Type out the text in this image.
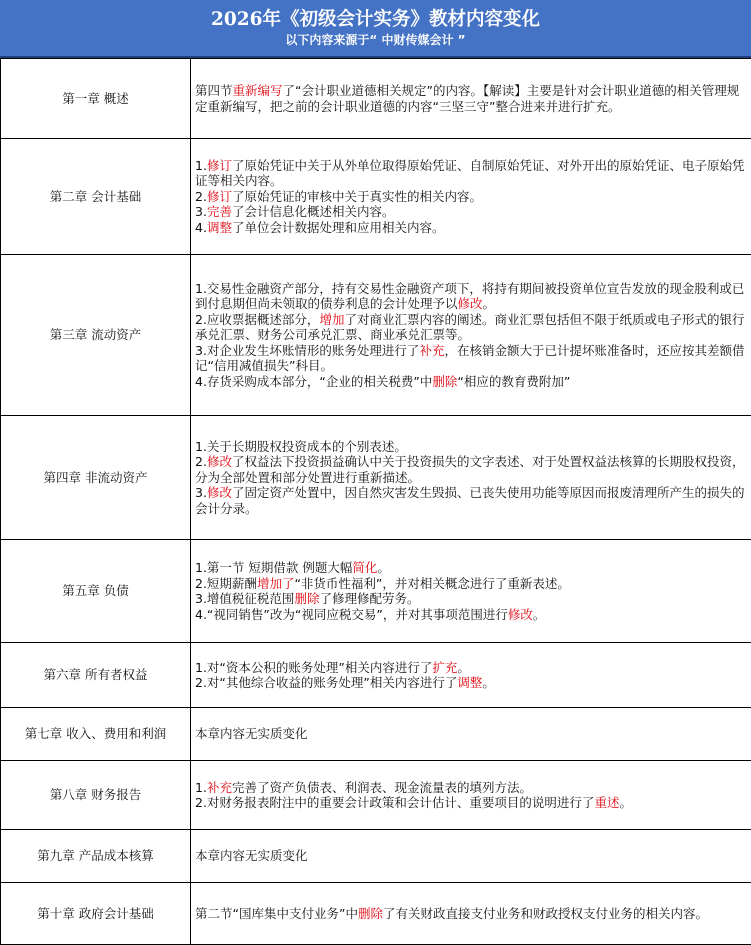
2026年《初级会计实务》教材内容变化
以下内容来源于“ 中财传媒会计 ”
第一章 概述	第四节重新编写了“会计职业道德相关规定”的内容。【解读】主要是针对会计职业道德的相关管理规定重新编写，把之前的会计职业道德的内容“三坚三守”整合进来并进行扩充。

第二章 会计基础	1.修订了原始凭证中关于从外单位取得原始凭证、自制原始凭证、对外开出的原始凭证、电子原始凭证等相关内容。
2.修订了原始凭证的审核中关于真实性的相关内容。
3.完善了会计信息化概述相关内容。
4.调整了单位会计数据处理和应用相关内容。

第三章 流动资产	1.交易性金融资产部分，持有交易性金融资产项下，将持有期间被投资单位宣告发放的现金股利或已到付息期但尚未领取的债券利息的会计处理予以修改。
2.应收票据概述部分，增加了对商业汇票内容的阐述。商业汇票包括但不限于纸质或电子形式的银行承兑汇票、财务公司承兑汇票、商业承兑汇票等。
3.对企业发生坏账情形的账务处理进行了补充，在核销金额大于已计提坏账准备时，还应按其差额借记“信用减值损失”科目。
4.存货采购成本部分，“企业的相关税费”中删除“相应的教育费附加”

第四章 非流动资产	1.关于长期股权投资成本的个别表述。
2.修改了权益法下投资损益确认中关于投资损失的文字表述、对于处置权益法核算的长期股权投资，分为全部处置和部分处置进行重新描述。
3.修改了固定资产处置中，因自然灾害发生毁损、已丧失使用功能等原因而报废清理所产生的损失的会计分录。

第五章 负债	1.第一节 短期借款 例题大幅简化。
2.短期薪酬增加了“非货币性福利”，并对相关概念进行了重新表述。
3.增值税征税范围删除了修理修配劳务。
4.“视同销售”改为“视同应税交易”，并对其事项范围进行修改。

第六章 所有者权益	1.对“资本公积的账务处理”相关内容进行了扩充。
2.对“其他综合收益的账务处理”相关内容进行了调整。

第七章 收入、费用和利润	本章内容无实质变化

第八章 财务报告	1.补充完善了资产负债表、利润表、现金流量表的填列方法。
2.对财务报表附注中的重要会计政策和会计估计、重要项目的说明进行了重述。

第九章 产品成本核算	本章内容无实质变化

第十章 政府会计基础	第二节“国库集中支付业务”中删除了有关财政直接支付业务和财政授权支付业务的相关内容。
